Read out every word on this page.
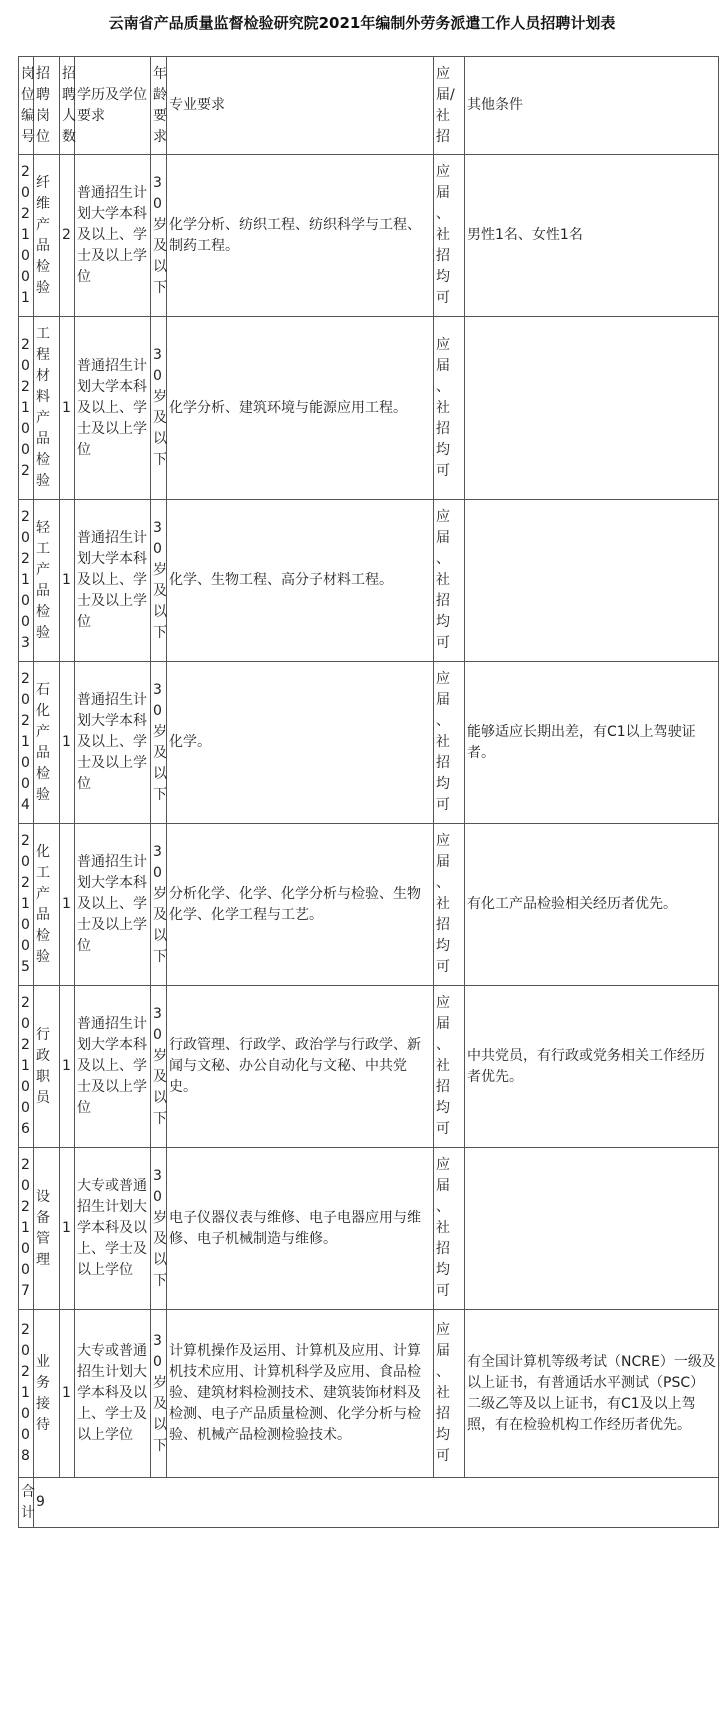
云南省产品质量监督检验研究院2021年编制外劳务派遣工作人员招聘计划表
岗位编号	招聘岗位	招聘人数	学历及学位要求	年龄要求	专业要求	应届/社招	其他条件
2021001	纤维产品检验	2	普通招生计划大学本科及以上、学士及以上学位	30岁及以下	化学分析、纺织工程、纺织科学与工程、制药工程。	应届、社招均可	男性1名、女性1名
2021002	工程材料产品检验	1	普通招生计划大学本科及以上、学士及以上学位	30岁及以下	化学分析、建筑环境与能源应用工程。	应届、社招均可	
2021003	轻工产品检验	1	普通招生计划大学本科及以上、学士及以上学位	30岁及以下	化学、生物工程、高分子材料工程。	应届、社招均可	
2021004	石化产品检验	1	普通招生计划大学本科及以上、学士及以上学位	30岁及以下	化学。	应届、社招均可	能够适应长期出差，有C1以上驾驶证者。
2021005	化工产品检验	1	普通招生计划大学本科及以上、学士及以上学位	30岁及以下	分析化学、化学、化学分析与检验、生物化学、化学工程与工艺。	应届、社招均可	有化工产品检验相关经历者优先。
2021006	行政职员	1	普通招生计划大学本科及以上、学士及以上学位	30岁及以下	行政管理、行政学、政治学与行政学、新闻与文秘、办公自动化与文秘、中共党史。	应届、社招均可	中共党员，有行政或党务相关工作经历者优先。
2021007	设备管理	1	大专或普通招生计划大学本科及以上、学士及以上学位	30岁及以下	电子仪器仪表与维修、电子电器应用与维修、电子机械制造与维修。	应届、社招均可	
2021008	业务接待	1	大专或普通招生计划大学本科及以上、学士及以上学位	30岁及以下	计算机操作及运用、计算机及应用、计算机技术应用、计算机科学及应用、食品检验、建筑材料检测技术、建筑装饰材料及检测、电子产品质量检测、化学分析与检验、机械产品检测检验技术。	应届、社招均可	有全国计算机等级考试（NCRE）一级及以上证书，有普通话水平测试（PSC）二级乙等及以上证书，有C1及以上驾照，有在检验机构工作经历者优先。
合计	9						
